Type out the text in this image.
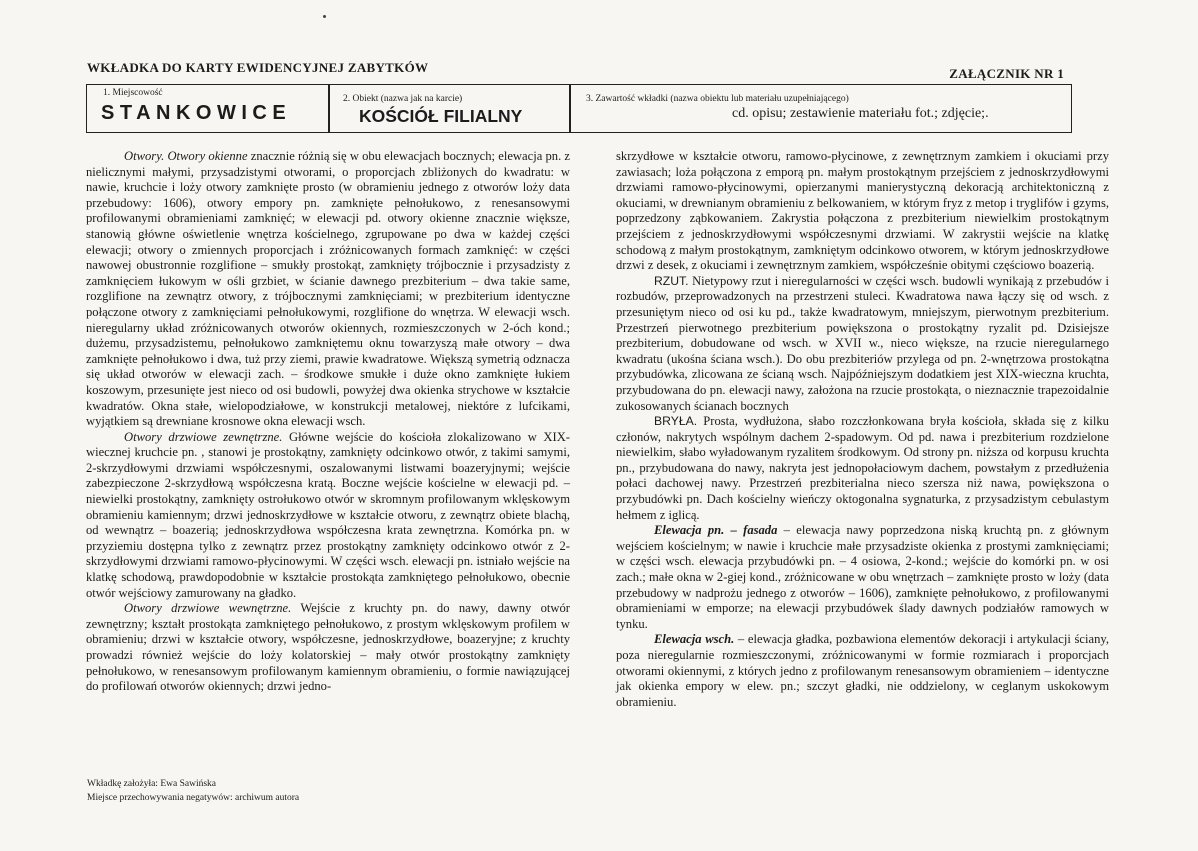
WKŁADKA DO KARTY EWIDENCYJNEJ ZABYTKÓW	ZAŁĄCZNIK NR 1
1. Miejscowość
STANKOWICE
2. Obiekt (nazwa jak na karcie)
KOŚCIÓŁ FILIALNY
3. Zawartość wkładki (nazwa obiektu lub materiału uzupełniającego)
cd. opisu; zestawienie materiału fot.; zdjęcie;.

Otwory. Otwory okienne znacznie różnią się w obu elewacjach bocznych; elewacja pn. z nielicznymi małymi, przysadzistymi otworami, o proporcjach zbliżonych do kwadratu: w nawie, kruchcie i loży otwory zamknięte prosto (w obramieniu jednego z otworów loży data przebudowy: 1606), otwory empory pn. zamknięte pełnołukowo, z renesansowymi profilowanymi obramieniami zamknięć; w elewacji pd. otwory okienne znacznie większe, stanowią główne oświetlenie wnętrza kościelnego, zgrupowane po dwa w każdej części elewacji; otwory o zmiennych proporcjach i zróżnicowanych formach zamknięć: w części nawowej obustronnie rozglifione – smukły prostokąt, zamknięty trójbocznie i przysadzisty z zamknięciem łukowym w ośli grzbiet, w ścianie dawnego prezbiterium – dwa takie same, rozglifione na zewnątrz otwory, z trójbocznymi zamknięciami; w prezbiterium identyczne połączone otwory z zamknięciami pełnołukowymi, rozglifione do wnętrza. W elewacji wsch. nieregularny układ zróżnicowanych otworów okiennych, rozmieszczonych w 2-óch kond.; dużemu, przysadzistemu, pełnołukowo zamkniętemu oknu towarzyszą małe otwory – dwa zamknięte pełnołukowo i dwa, tuż przy ziemi, prawie kwadratowe. Większą symetrią odznacza się układ otworów w elewacji zach. – środkowe smukłe i duże okno zamknięte łukiem koszowym, przesunięte jest nieco od osi budowli, powyżej dwa okienka strychowe w kształcie kwadratów. Okna stałe, wielopodziałowe, w konstrukcji metalowej, niektóre z lufcikami, wyjątkiem są drewniane krosnowe okna elewacji wsch.

Otwory drzwiowe zewnętrzne. Główne wejście do kościoła zlokalizowano w XIX-wiecznej kruchcie pn. , stanowi je prostokątny, zamknięty odcinkowo otwór, z takimi samymi, 2-skrzydłowymi drzwiami współczesnymi, oszalowanymi listwami boazeryjnymi; wejście zabezpieczone 2-skrzydłową współczesna kratą. Boczne wejście kościelne w elewacji pd. – niewielki prostokątny, zamknięty ostrołukowo otwór w skromnym profilowanym wklęskowym obramieniu kamiennym; drzwi jednoskrzydłowe w kształcie otworu, z zewnątrz obiete blachą, od wewnątrz – boazerią; jednoskrzydłowa współczesna krata zewnętrzna. Komórka pn. w przyziemiu dostępna tylko z zewnątrz przez prostokątny zamknięty odcinkowo otwór z 2-skrzydłowymi drzwiami ramowo-płycinowymi. W części wsch. elewacji pn. istniało wejście na klatkę schodową, prawdopodobnie w kształcie prostokąta zamkniętego pełnołukowo, obecnie otwór wejściowy zamurowany na gładko.

Otwory drzwiowe wewnętrzne. Wejście z kruchty pn. do nawy, dawny otwór zewnętrzny; kształt prostokąta zamkniętego pełnołukowo, z prostym wklęskowym profilem w obramieniu; drzwi w kształcie otwory, współczesne, jednoskrzydłowe, boazeryjne; z kruchty prowadzi również wejście do loży kolatorskiej – mały otwór prostokątny zamknięty pełnołukowo, w renesansowym profilowanym kamiennym obramieniu, o formie nawiązującej do profilowań otworów okiennych; drzwi jedno-

skrzydłowe w kształcie otworu, ramowo-płycinowe, z zewnętrznym zamkiem i okuciami przy zawiasach; loża połączona z emporą pn. małym prostokątnym przejściem z jednoskrzydłowymi drzwiami ramowo-płycinowymi, opierzanymi manierystyczną dekoracją architektoniczną z okuciami, w drewnianym obramieniu z belkowaniem, w którym fryz z metop i tryglifów i gzyms, poprzedzony ząbkowaniem. Zakrystia połączona z prezbiterium niewielkim prostokątnym przejściem z jednoskrzydłowymi współczesnymi drzwiami. W zakrystii wejście na klatkę schodową z małym prostokątnym, zamkniętym odcinkowo otworem, w którym jednoskrzydłowe drzwi z desek, z okuciami i zewnętrznym zamkiem, współcześnie obitymi częściowo boazerią.

RZUT. Nietypowy rzut i nieregularności w części wsch. budowli wynikają z przebudów i rozbudów, przeprowadzonych na przestrzeni stuleci. Kwadratowa nawa łączy się od wsch. z przesuniętym nieco od osi ku pd., także kwadratowym, mniejszym, pierwotnym prezbiterium. Przestrzeń pierwotnego prezbiterium powiększona o prostokątny ryzalit pd. Dzisiejsze prezbiterium, dobudowane od wsch. w XVII w., nieco większe, na rzucie nieregularnego kwadratu (ukośna ściana wsch.). Do obu prezbiteriów przylega od pn. 2-wnętrzowa prostokątna przybudówka, zlicowana ze ścianą wsch. Najpóźniejszym dodatkiem jest XIX-wieczna kruchta, przybudowana do pn. elewacji nawy, założona na rzucie prostokąta, o nieznacznie trapezoidalnie zukosowanych ścianach bocznych

BRYŁA. Prosta, wydłużona, słabo rozczłonkowana bryła kościoła, składa się z kilku członów, nakrytych wspólnym dachem 2-spadowym. Od pd. nawa i prezbiterium rozdzielone niewielkim, słabo wyładowanym ryzalitem środkowym. Od strony pn. niższa od korpusu kruchta pn., przybudowana do nawy, nakryta jest jednopołaciowym dachem, powstałym z przedłużenia połaci dachowej nawy. Przestrzeń prezbiterialna nieco szersza niż nawa, powiększona o przybudówki pn. Dach kościelny wieńczy oktogonalna sygnaturka, z przysadzistym cebulastym hełmem z iglicą.

Elewacja pn. – fasada – elewacja nawy poprzedzona niską kruchtą pn. z głównym wejściem kościelnym; w nawie i kruchcie małe przysadziste okienka z prostymi zamknięciami; w części wsch. elewacja przybudówki pn. – 4 osiowa, 2-kond.; wejście do komórki pn. w osi zach.; małe okna w 2-giej kond., zróżnicowane w obu wnętrzach – zamknięte prosto w loży (data przebudowy w nadprożu jednego z otworów – 1606), zamknięte pełnołukowo, z profilowanymi obramieniami w emporze; na elewacji przybudówek ślady dawnych podziałów ramowych w tynku.

Elewacja wsch. – elewacja gładka, pozbawiona elementów dekoracji i artykulacji ściany, poza nieregularnie rozmieszczonymi, zróżnicowanymi w formie rozmiarach i proporcjach otworami okiennymi, z których jedno z profilowanym renesansowym obramieniem – identyczne jak okienka empory w elew. pn.; szczyt gładki, nie oddzielony, w ceglanym uskokowym obramieniu.

Wkładkę założyła: Ewa Sawińska
Miejsce przechowywania negatywów: archiwum autora
